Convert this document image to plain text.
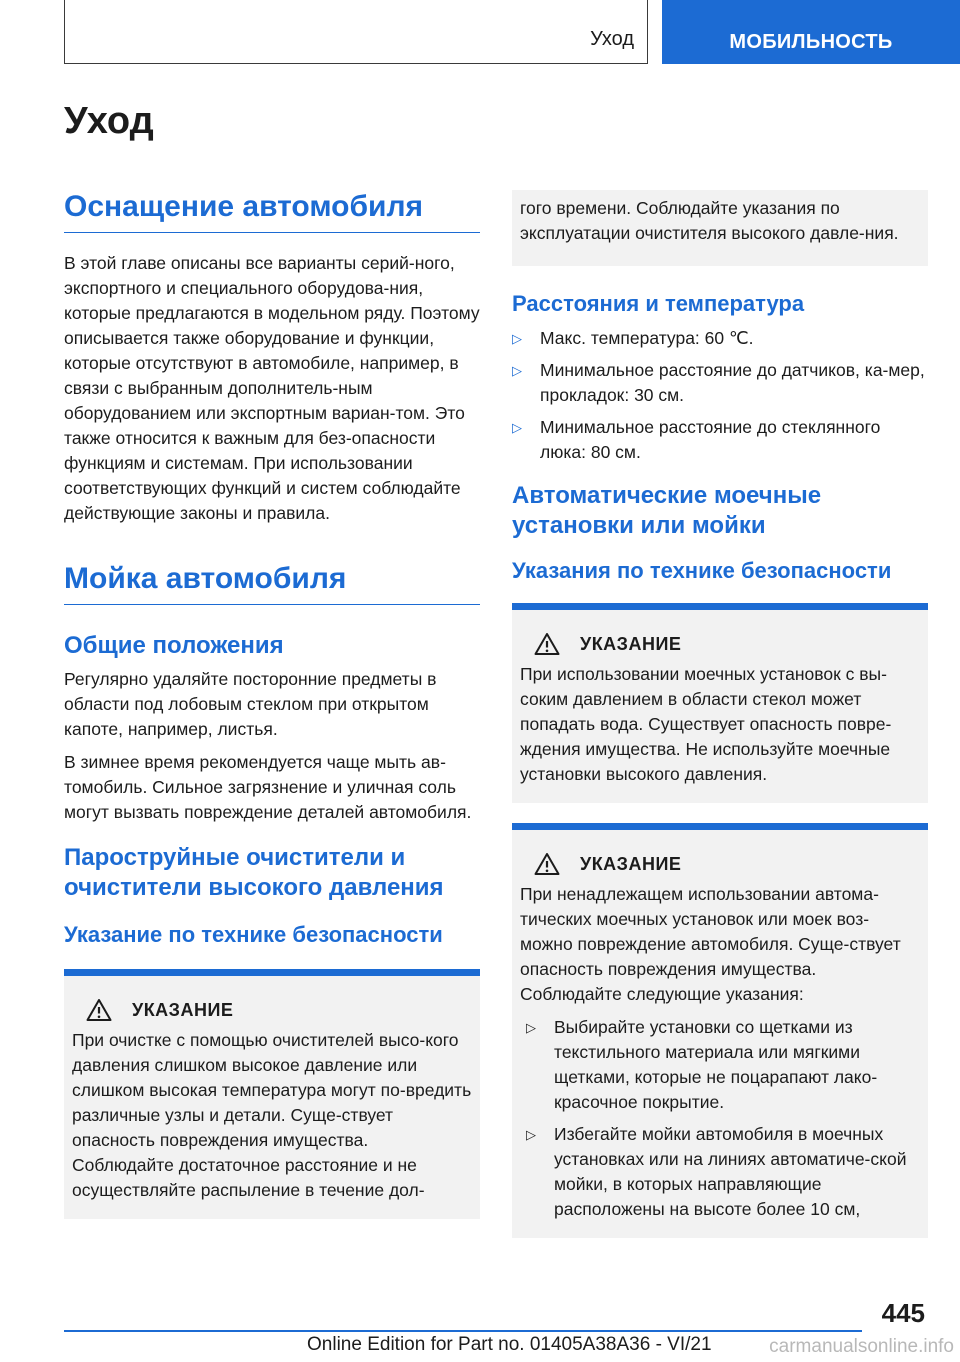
Уход	МОБИЛЬНОСТЬ
Уход
Оснащение автомобиля

В этой главе описаны все варианты серий-ного, экспортного и специального оборудова-ния, которые предлагаются в модельном ряду. Поэтому описывается также оборудование и функции, которые отсутствуют в автомобиле, например, в связи с выбранным дополнитель-ным оборудованием или экспортным вариан-том. Это также относится к важным для без-опасности функциям и системам. При использовании соответствующих функций и систем соблюдайте действующие законы и правила.

Мойка автомобиля
Общие положения

Регулярно удаляйте посторонние предметы в области под лобовым стеклом при открытом капоте, например, листья.

В зимнее время рекомендуется чаще мыть ав-томобиль. Сильное загрязнение и уличная соль могут вызвать повреждение деталей автомобиля.

Пароструйные очистители и очистители высокого давления
Указание по технике безопасности
УКАЗАНИЕ

При очистке с помощью очистителей высо-кого давления слишком высокое давление или слишком высокая температура могут по-вредить различные узлы и детали. Суще-ствует опасность повреждения имущества. Соблюдайте достаточное расстояние и не осуществляйте распыление в течение дол-

гого времени. Соблюдайте указания по эксплуатации очистителя высокого давле-ния.

Расстояния и температура
▷ Макс. температура: 60 ℃.
▷ Минимальное расстояние до датчиков, ка-мер, прокладок: 30 см.
▷ Минимальное расстояние до стеклянного люка: 80 см.
Автоматические моечные установки или мойки
Указания по технике безопасности
УКАЗАНИЕ

При использовании моечных установок с вы-соким давлением в области стекол может попадать вода. Существует опасность повре-ждения имущества. Не используйте моечные установки высокого давления.

УКАЗАНИЕ

При ненадлежащем использовании автома-тических моечных установок или моек воз-можно повреждение автомобиля. Суще-ствует опасность повреждения имущества. Соблюдайте следующие указания:

▷ Выбирайте установки со щетками из текстильного материала или мягкими щетками, которые не поцарапают лако-красочное покрытие.
▷ Избегайте мойки автомобиля в моечных установках или на линиях автоматиче-ской мойки, в которых направляющие расположены на высоте более 10 см,
445
Online Edition for Part no. 01405A38A36 - VI/21	carmanualsonline.info
